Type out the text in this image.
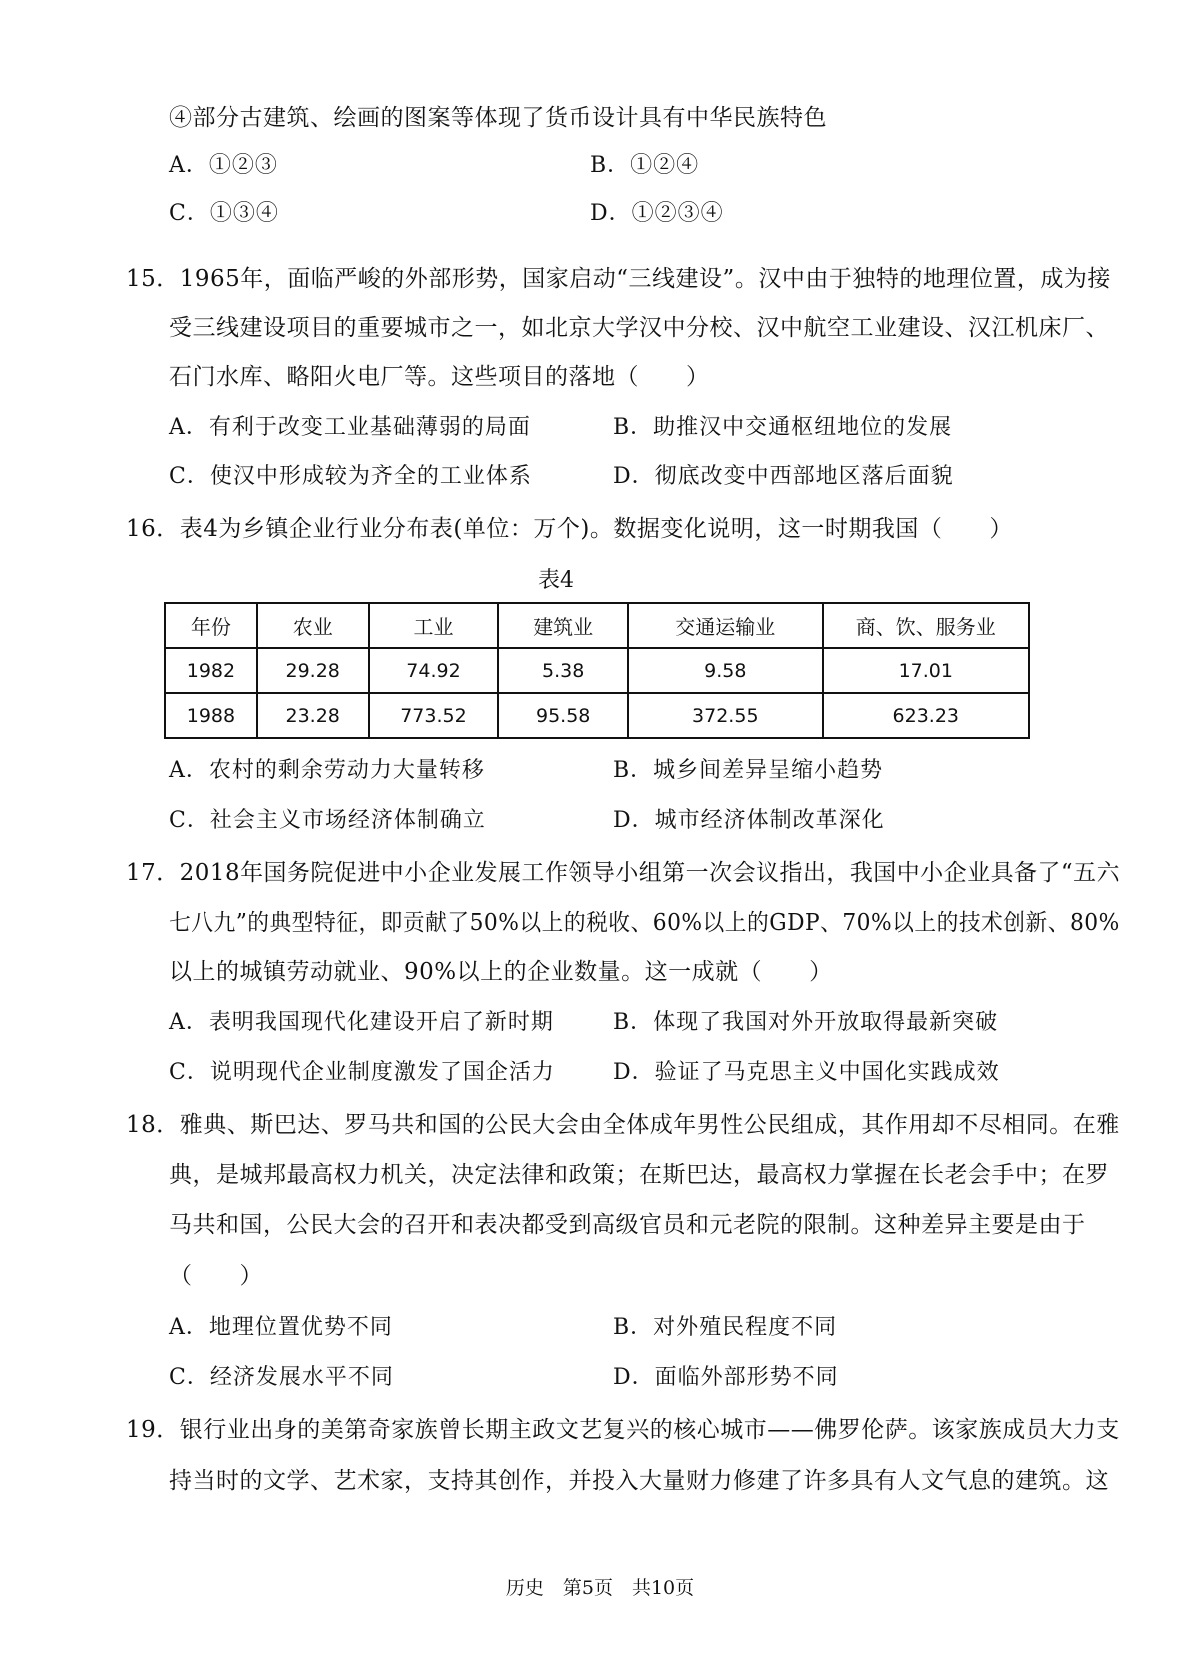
④部分古建筑、绘画的图案等体现了货币设计具有中华民族特色
A．①②③	B．①②④
C．①③④	D．①②③④
15．1965年，面临严峻的外部形势，国家启动“三线建设”。汉中由于独特的地理位置，成为接
受三线建设项目的重要城市之一，如北京大学汉中分校、汉中航空工业建设、汉江机床厂、
石门水库、略阳火电厂等。这些项目的落地（　　）
A．有利于改变工业基础薄弱的局面	B．助推汉中交通枢纽地位的发展
C．使汉中形成较为齐全的工业体系	D．彻底改变中西部地区落后面貌
16．表4为乡镇企业行业分布表(单位：万个)。数据变化说明，这一时期我国（　　）
表4
年份	农业	工业	建筑业	交通运输业	商、饮、服务业
1982	29.28	74.92	5.38	9.58	17.01
1988	23.28	773.52	95.58	372.55	623.23
A．农村的剩余劳动力大量转移	B．城乡间差异呈缩小趋势
C．社会主义市场经济体制确立	D．城市经济体制改革深化
17．2018年国务院促进中小企业发展工作领导小组第一次会议指出，我国中小企业具备了“五六
七八九”的典型特征，即贡献了50%以上的税收、60%以上的GDP、70%以上的技术创新、80%
以上的城镇劳动就业、90%以上的企业数量。这一成就（　　）
A．表明我国现代化建设开启了新时期	B．体现了我国对外开放取得最新突破
C．说明现代企业制度激发了国企活力	D．验证了马克思主义中国化实践成效
18．雅典、斯巴达、罗马共和国的公民大会由全体成年男性公民组成，其作用却不尽相同。在雅
典，是城邦最高权力机关，决定法律和政策；在斯巴达，最高权力掌握在长老会手中；在罗
马共和国，公民大会的召开和表决都受到高级官员和元老院的限制。这种差异主要是由于
（　　）
A．地理位置优势不同	B．对外殖民程度不同
C．经济发展水平不同	D．面临外部形势不同
19．银行业出身的美第奇家族曾长期主政文艺复兴的核心城市——佛罗伦萨。该家族成员大力支
持当时的文学、艺术家，支持其创作，并投入大量财力修建了许多具有人文气息的建筑。这
历史　第5页　共10页
